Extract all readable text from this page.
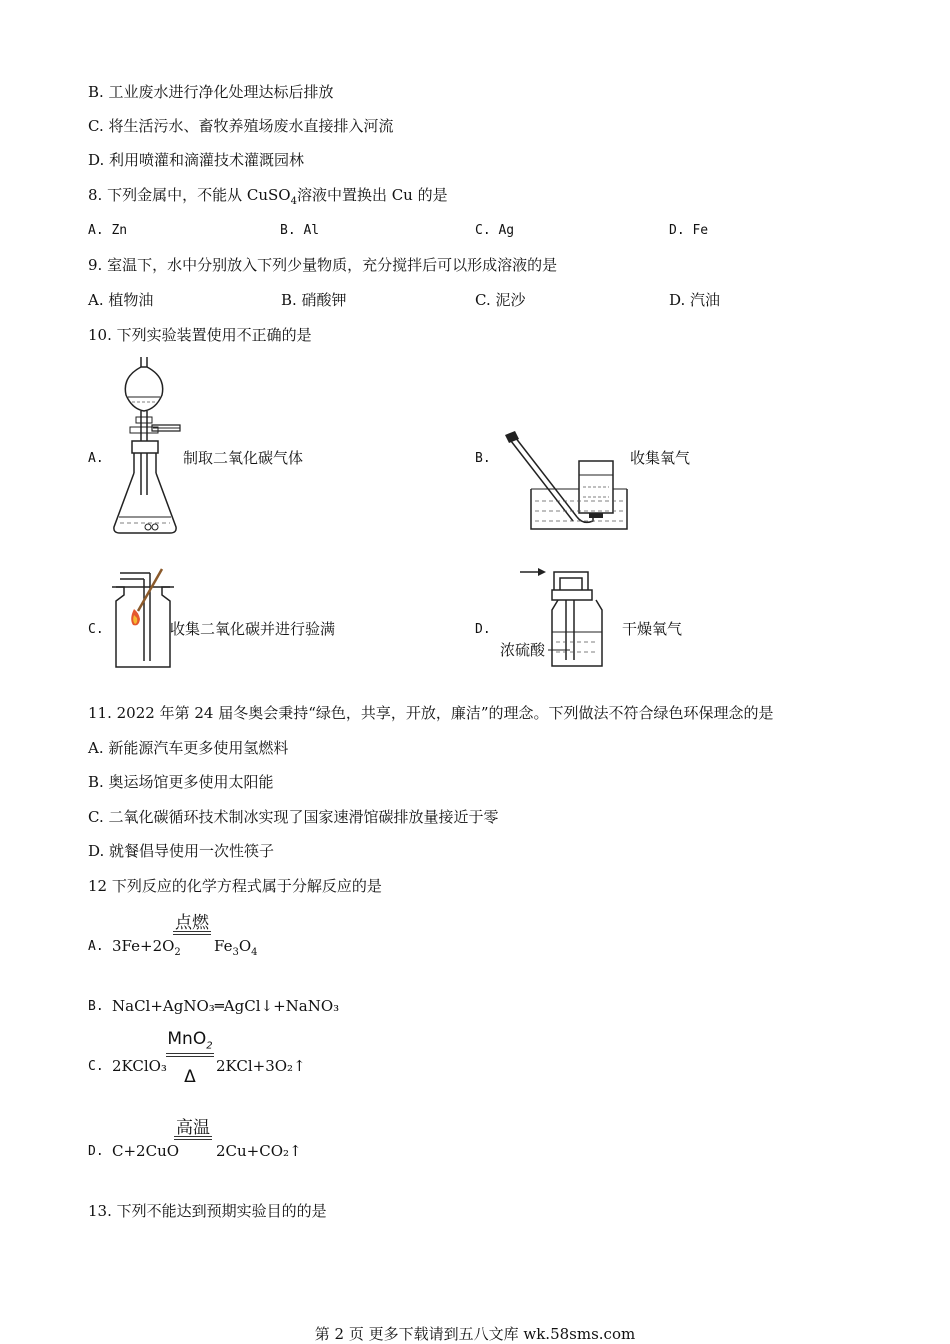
B. 工业废水进行净化处理达标后排放
C. 将生活污水、畜牧养殖场废水直接排入河流
D. 利用喷灌和滴灌技术灌溉园林
8. 下列金属中，不能从 CuSO$_4$溶液中置换出 Cu 的是
A. Zn	B. Al	C. Ag	D. Fe
9. 室温下，水中分别放入下列少量物质，充分搅拌后可以形成溶液的是
A. 植物油	B. 硝酸钾	C. 泥沙	D. 汽油
10. 下列实验装置使用不正确的是
A.	制取二氧化碳气体	B.	收集氧气
C.	收集二氧化碳并进行验满	D.
浓硫酸
干燥氧气
11. 2022 年第 24 届冬奥会秉持“绿色，共享，开放，廉洁”的理念。下列做法不符合绿色环保理念的是
A. 新能源汽车更多使用氢燃料
B. 奥运场馆更多使用太阳能
C. 二氧化碳循环技术制冰实现了国家速滑馆碳排放量接近于零
D. 就餐倡导使用一次性筷子
12 下列反应的化学方程式属于分解反应的是
A. $3Fe+2O_2$
点燃
$Fe_3O_4$
B. NaCl+AgNO₃═AgCl↓+NaNO₃
C. 2KClO₃
MnO$_2$
Δ
2KCl+3O₂↑
D. C+2CuO
高温
2Cu+CO₂↑
13. 下列不能达到预期实验目的的是
第 2 页 更多下载请到五八文库 wk.58sms.com
